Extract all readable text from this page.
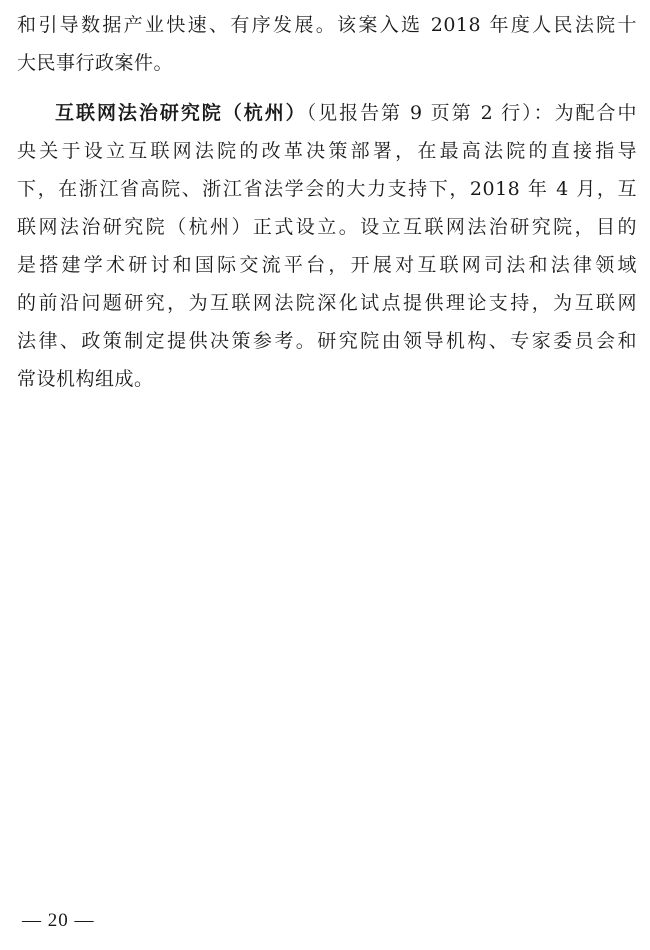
和引导数据产业快速、有序发展。该案入选 2018 年度人民法院十
大民事行政案件。
互联网法治研究院（杭州）（见报告第 9 页第 2 行）：为配合中
央关于设立互联网法院的改革决策部署，在最高法院的直接指导
下，在浙江省高院、浙江省法学会的大力支持下，2018 年 4 月，互
联网法治研究院（杭州）正式设立。设立互联网法治研究院，目的
是搭建学术研讨和国际交流平台，开展对互联网司法和法律领域
的前沿问题研究，为互联网法院深化试点提供理论支持，为互联网
法律、政策制定提供决策参考。研究院由领导机构、专家委员会和
常设机构组成。
— 20 —
